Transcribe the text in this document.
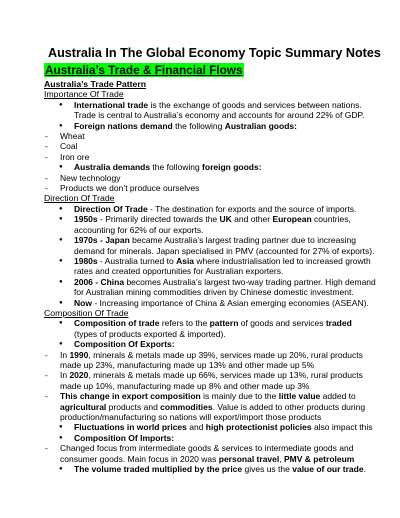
Australia In The Global Economy Topic Summary Notes
Australia’s Trade & Financial Flows
Australia’s Trade Pattern
Importance Of Trade
● International trade is the exchange of goods and services between nations. Trade is central to Australia’s economy and accounts for around 22% of GDP.
● Foreign nations demand the following Australian goods:
- Wheat
- Coal
- Iron ore
● Australia demands the following foreign goods:
- New technology
- Products we don’t produce ourselves
Direction Of Trade
● Direction Of Trade - The destination for exports and the source of imports.
● 1950s - Primarily directed towards the UK and other European countries, accounting for 62% of our exports.
● 1970s - Japan became Australia’s largest trading partner due to increasing demand for minerals. Japan specialised in PMV (accounted for 27% of exports).
● 1980s - Australia turned to Asia where industrialisation led to increased growth rates and created opportunities for Australian exporters.
● 2006 - China becomes Australia’s largest two-way trading partner. High demand for Australian mining commodities driven by Chinese domestic investment.
● Now - Increasing importance of China & Asian emerging economies (ASEAN).
Composition Of Trade
● Composition of trade refers to the pattern of goods and services traded (types of products exported & imported).
● Composition Of Exports:
- In 1990, minerals & metals made up 39%, services made up 20%, rural products made up 23%, manufacturing made up 13% and other made up 5%
- In 2020, minerals & metals made up 66%, services made up 13%, rural products made up 10%, manufacturing made up 8% and other made up 3%
- This change in export composition is mainly due to the little value added to agricultural products and commodities. Value is added to other products during production/manufacturing so nations will export/import those products
● Fluctuations in world prices and high protectionist policies also impact this
● Composition Of Imports:
- Changed focus from intermediate goods & services to intermediate goods and consumer goods. Main focus in 2020 was personal travel, PMV & petroleum
● The volume traded multiplied by the price gives us the value of our trade.
